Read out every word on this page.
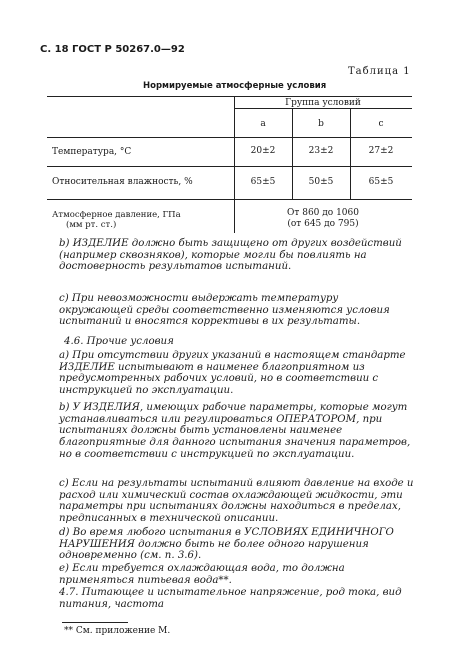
С. 18 ГОСТ Р 50267.0—92
Таблица 1
Нормируемые атмосферные условия
Группа условий
a	b	c
Температура, °С	20±2	23±2	27±2
Относительная влажность, %	65±5	50±5	65±5
Атмосферное давление, ГПа
(мм рт. ст.)
От 860 до 1060
(от 645 до 795)

b) ИЗДЕЛИЕ должно быть защищено от других воздействий (например сквозняков), которые могли бы повлиять на достоверность результатов испытаний.

c) При невозможности выдержать температуру окружающей среды соответственно изменяются условия испытаний и вносятся коррективы в их результаты.

4.6. Прочие условия

a) При отсутствии других указаний в настоящем стандарте ИЗДЕЛИЕ испытывают в наименее благоприятном из предусмотренных рабочих условий, но в соответствии с инструкцией по эксплуатации.

b) У ИЗДЕЛИЯ, имеющих рабочие параметры, которые могут устанавливаться или регулироваться ОПЕРАТОРОМ, при испытаниях должны быть установлены наименее благоприятные для данного испытания значения параметров, но в соответствии с инструкцией по эксплуатации.

c) Если на результаты испытаний влияют давление на входе и расход или химический состав охлаждающей жидкости, эти параметры при испытаниях должны находиться в пределах, предписанных в технической описании.

d) Во время любого испытания в УСЛОВИЯХ ЕДИНИЧНОГО НАРУШЕНИЯ должно быть не более одного нарушения одновременно (см. п. 3.6).

e) Если требуется охлаждающая вода, то должна применяться питьевая вода**.

4.7. Питающее и испытательное напряжение, род тока, вид питания, частота

** См. приложение М.
